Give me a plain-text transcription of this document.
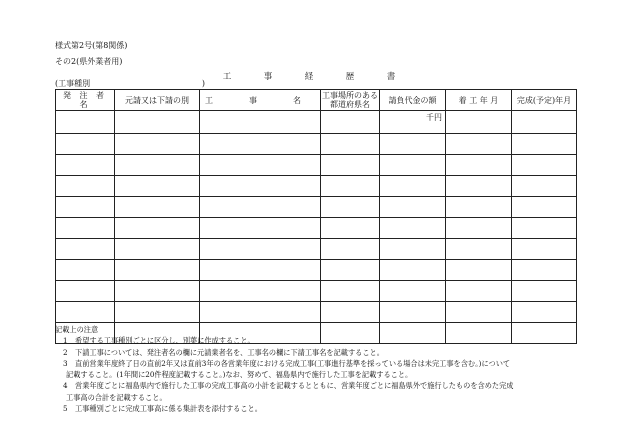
様式第2号(第8関係)
その2(県外業者用)
工　事　経　歴　書
(工事種別	)
発 注 者 名	元請又は下請の別	工　事　名	工事場所のある都道府県名	請負代金の額	着 工 年 月	完成(予定)年月
				千円		

記載上の注意
1 希望する工事種別ごとに区分し、別葉に作成すること。
2 下請工事については、発注者名の欄に元請業者名を、工事名の欄に下請工事名を記載すること。
3 直前営業年度終了日の直前2年又は直前3年の各営業年度における完成工事(工事進行基準を採っている場合は未完工事を含む。)について
記載すること。(1年間に20件程度記載すること。)なお、努めて、福島県内で施行した工事を記載すること。
4 営業年度ごとに福島県内で施行した工事の完成工事高の小計を記載するとともに、営業年度ごとに福島県外で施行したものを含めた完成
工事高の合計を記載すること。
5 工事種別ごとに完成工事高に係る集計表を添付すること。
